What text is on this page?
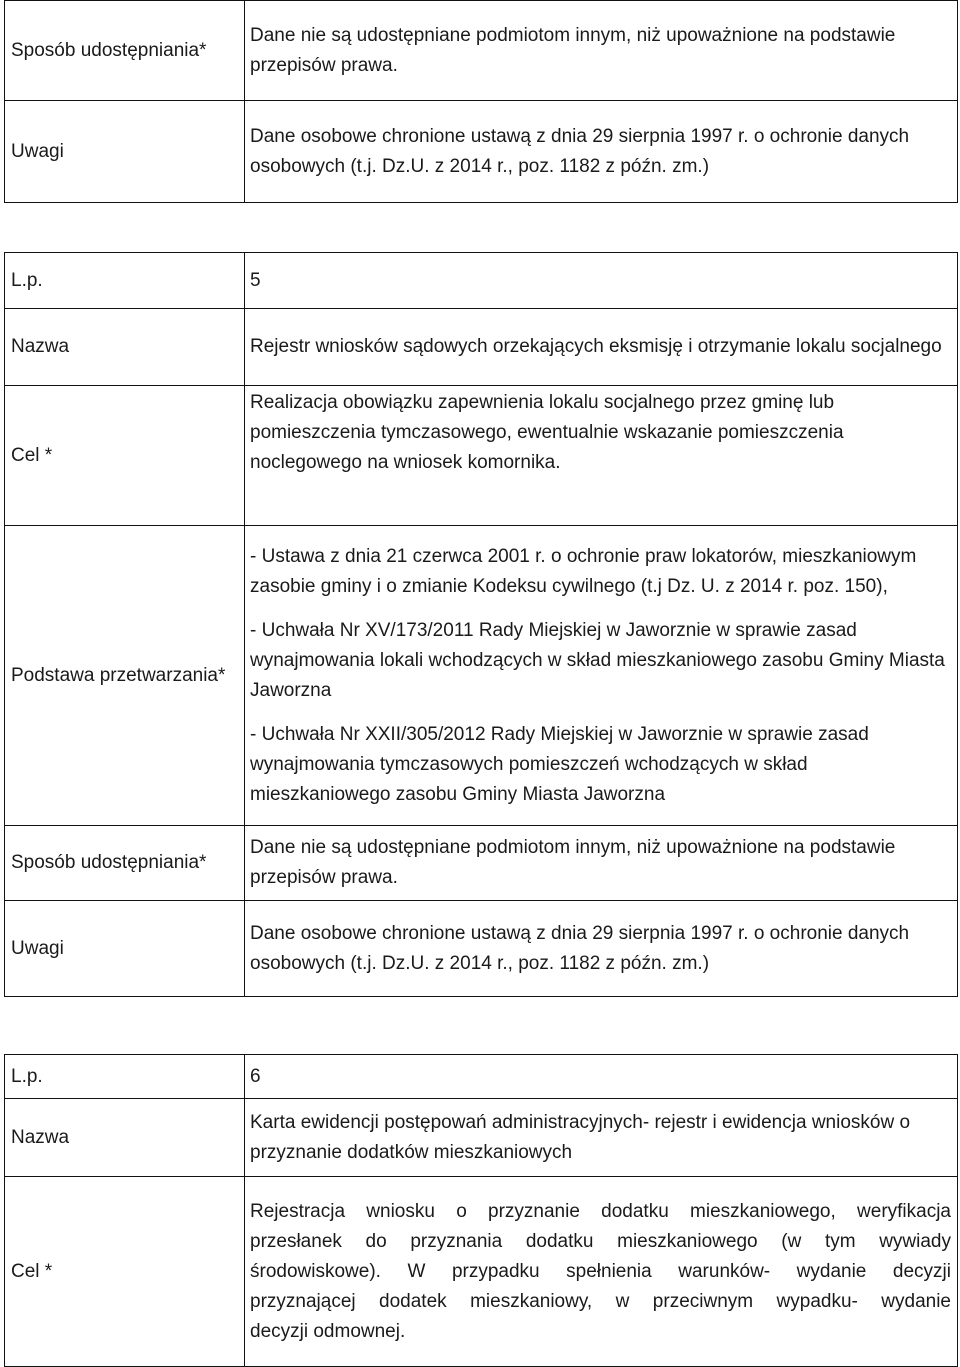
Sposób udostępniania*	Dane nie są udostępniane podmiotom innym, niż upoważnione na podstawie przepisów prawa.
Uwagi	Dane osobowe chronione ustawą z dnia 29 sierpnia 1997 r. o ochronie danych osobowych (t.j. Dz.U. z 2014 r., poz. 1182 z późn. zm.)
L.p.	5
Nazwa	Rejestr wniosków sądowych orzekających eksmisję i otrzymanie lokalu socjalnego
Cel *	Realizacja obowiązku zapewnienia lokalu socjalnego przez gminę lub pomieszczenia tymczasowego, ewentualnie wskazanie pomieszczenia noclegowego na wniosek komornika.
Podstawa przetwarzania*	- Ustawa z dnia 21 czerwca 2001 r. o ochronie praw lokatorów, mieszkaniowym zasobie gminy i o zmianie Kodeksu cywilnego (t.j Dz. U. z 2014 r. poz. 150),

- Uchwała Nr XV/173/2011 Rady Miejskiej w Jaworznie w sprawie zasad wynajmowania lokali wchodzących w skład mieszkaniowego zasobu Gminy Miasta Jaworzna

- Uchwała Nr XXII/305/2012 Rady Miejskiej w Jaworznie w sprawie zasad wynajmowania tymczasowych pomieszczeń wchodzących w skład mieszkaniowego zasobu Gminy Miasta Jaworzna

Sposób udostępniania*	Dane nie są udostępniane podmiotom innym, niż upoważnione na podstawie przepisów prawa.
Uwagi	Dane osobowe chronione ustawą z dnia 29 sierpnia 1997 r. o ochronie danych osobowych (t.j. Dz.U. z 2014 r., poz. 1182 z późn. zm.)
L.p.	6
Nazwa	Karta ewidencji postępowań administracyjnych- rejestr i ewidencja wniosków o przyznanie dodatków mieszkaniowych
Cel *	Rejestracja wniosku o przyznanie dodatku mieszkaniowego, weryfikacja

przesłanek do przyznania dodatku mieszkaniowego (w tym wywiady

środowiskowe). W przypadku spełnienia warunków- wydanie decyzji

przyznającej dodatek mieszkaniowy, w przeciwnym wypadku- wydanie

decyzji odmownej.
